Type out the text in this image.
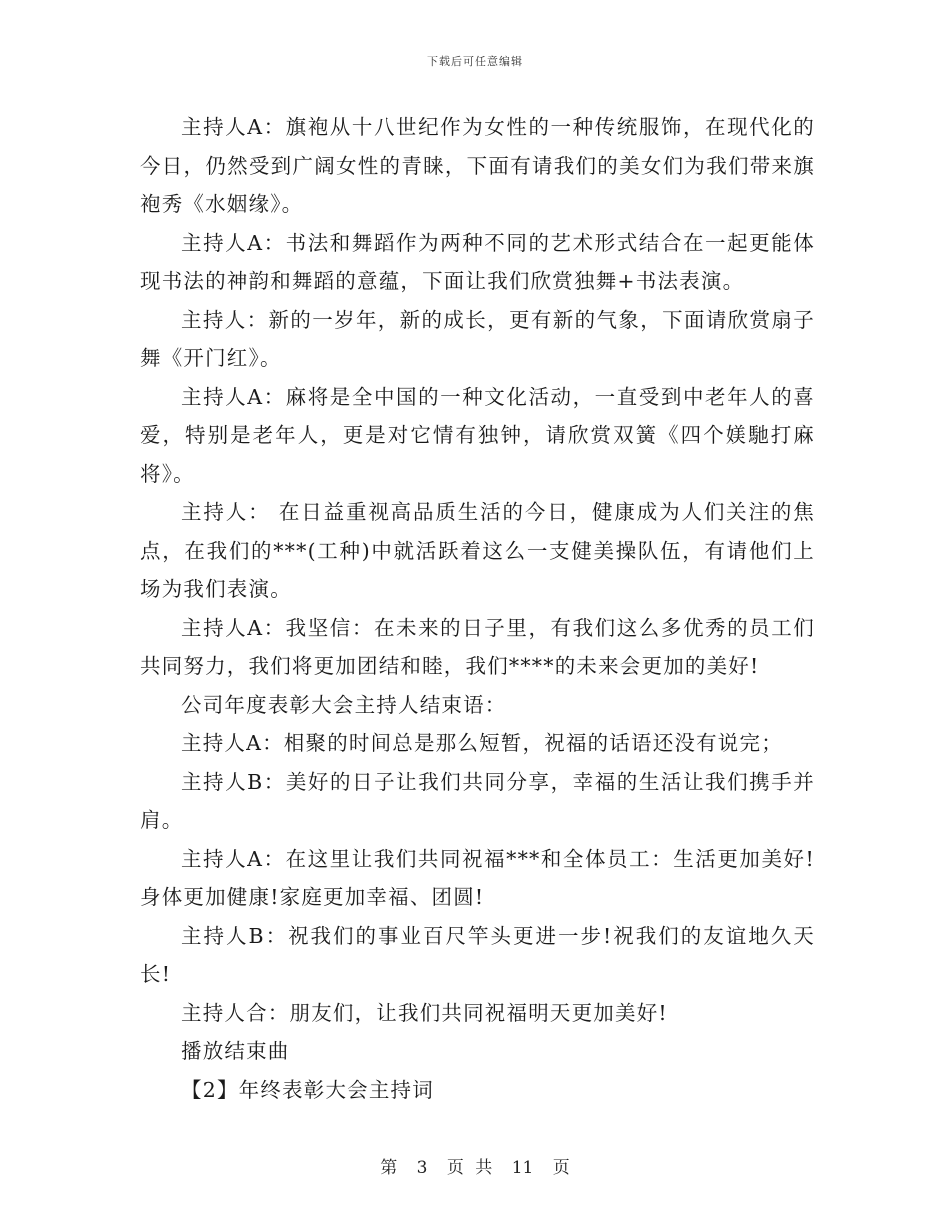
下载后可任意编辑

主持人A：旗袍从十八世纪作为女性的一种传统服饰，在现代化的今日，仍然受到广阔女性的青睐，下面有请我们的美女们为我们带来旗袍秀《水姻缘》。

主持人A：书法和舞蹈作为两种不同的艺术形式结合在一起更能体现书法的神韵和舞蹈的意蕴，下面让我们欣赏独舞+书法表演。

主持人：新的一岁年，新的成长，更有新的气象，下面请欣赏扇子舞《开门红》。

主持人A：麻将是全中国的一种文化活动，一直受到中老年人的喜爱，特别是老年人，更是对它情有独钟，请欣赏双簧《四个媄馳打麻将》。

主持人： 在日益重视高品质生活的今日，健康成为人们关注的焦点，在我们的***(工种)中就活跃着这么一支健美操队伍，有请他们上场为我们表演。

主持人A：我坚信：在未来的日子里，有我们这么多优秀的员工们共同努力，我们将更加团结和睦，我们****的未来会更加的美好!

公司年度表彰大会主持人结束语：

主持人A：相聚的时间总是那么短暂，祝福的话语还没有说完；

主持人B：美好的日子让我们共同分享，幸福的生活让我们携手并肩。

主持人A：在这里让我们共同祝福***和全体员工：生活更加美好!身体更加健康!家庭更加幸福、团圆!

主持人B：祝我们的事业百尺竿头更进一步!祝我们的友谊地久天长!

主持人合：朋友们，让我们共同祝福明天更加美好!

播放结束曲

【2】年终表彰大会主持词

第 3 页 共 11 页
